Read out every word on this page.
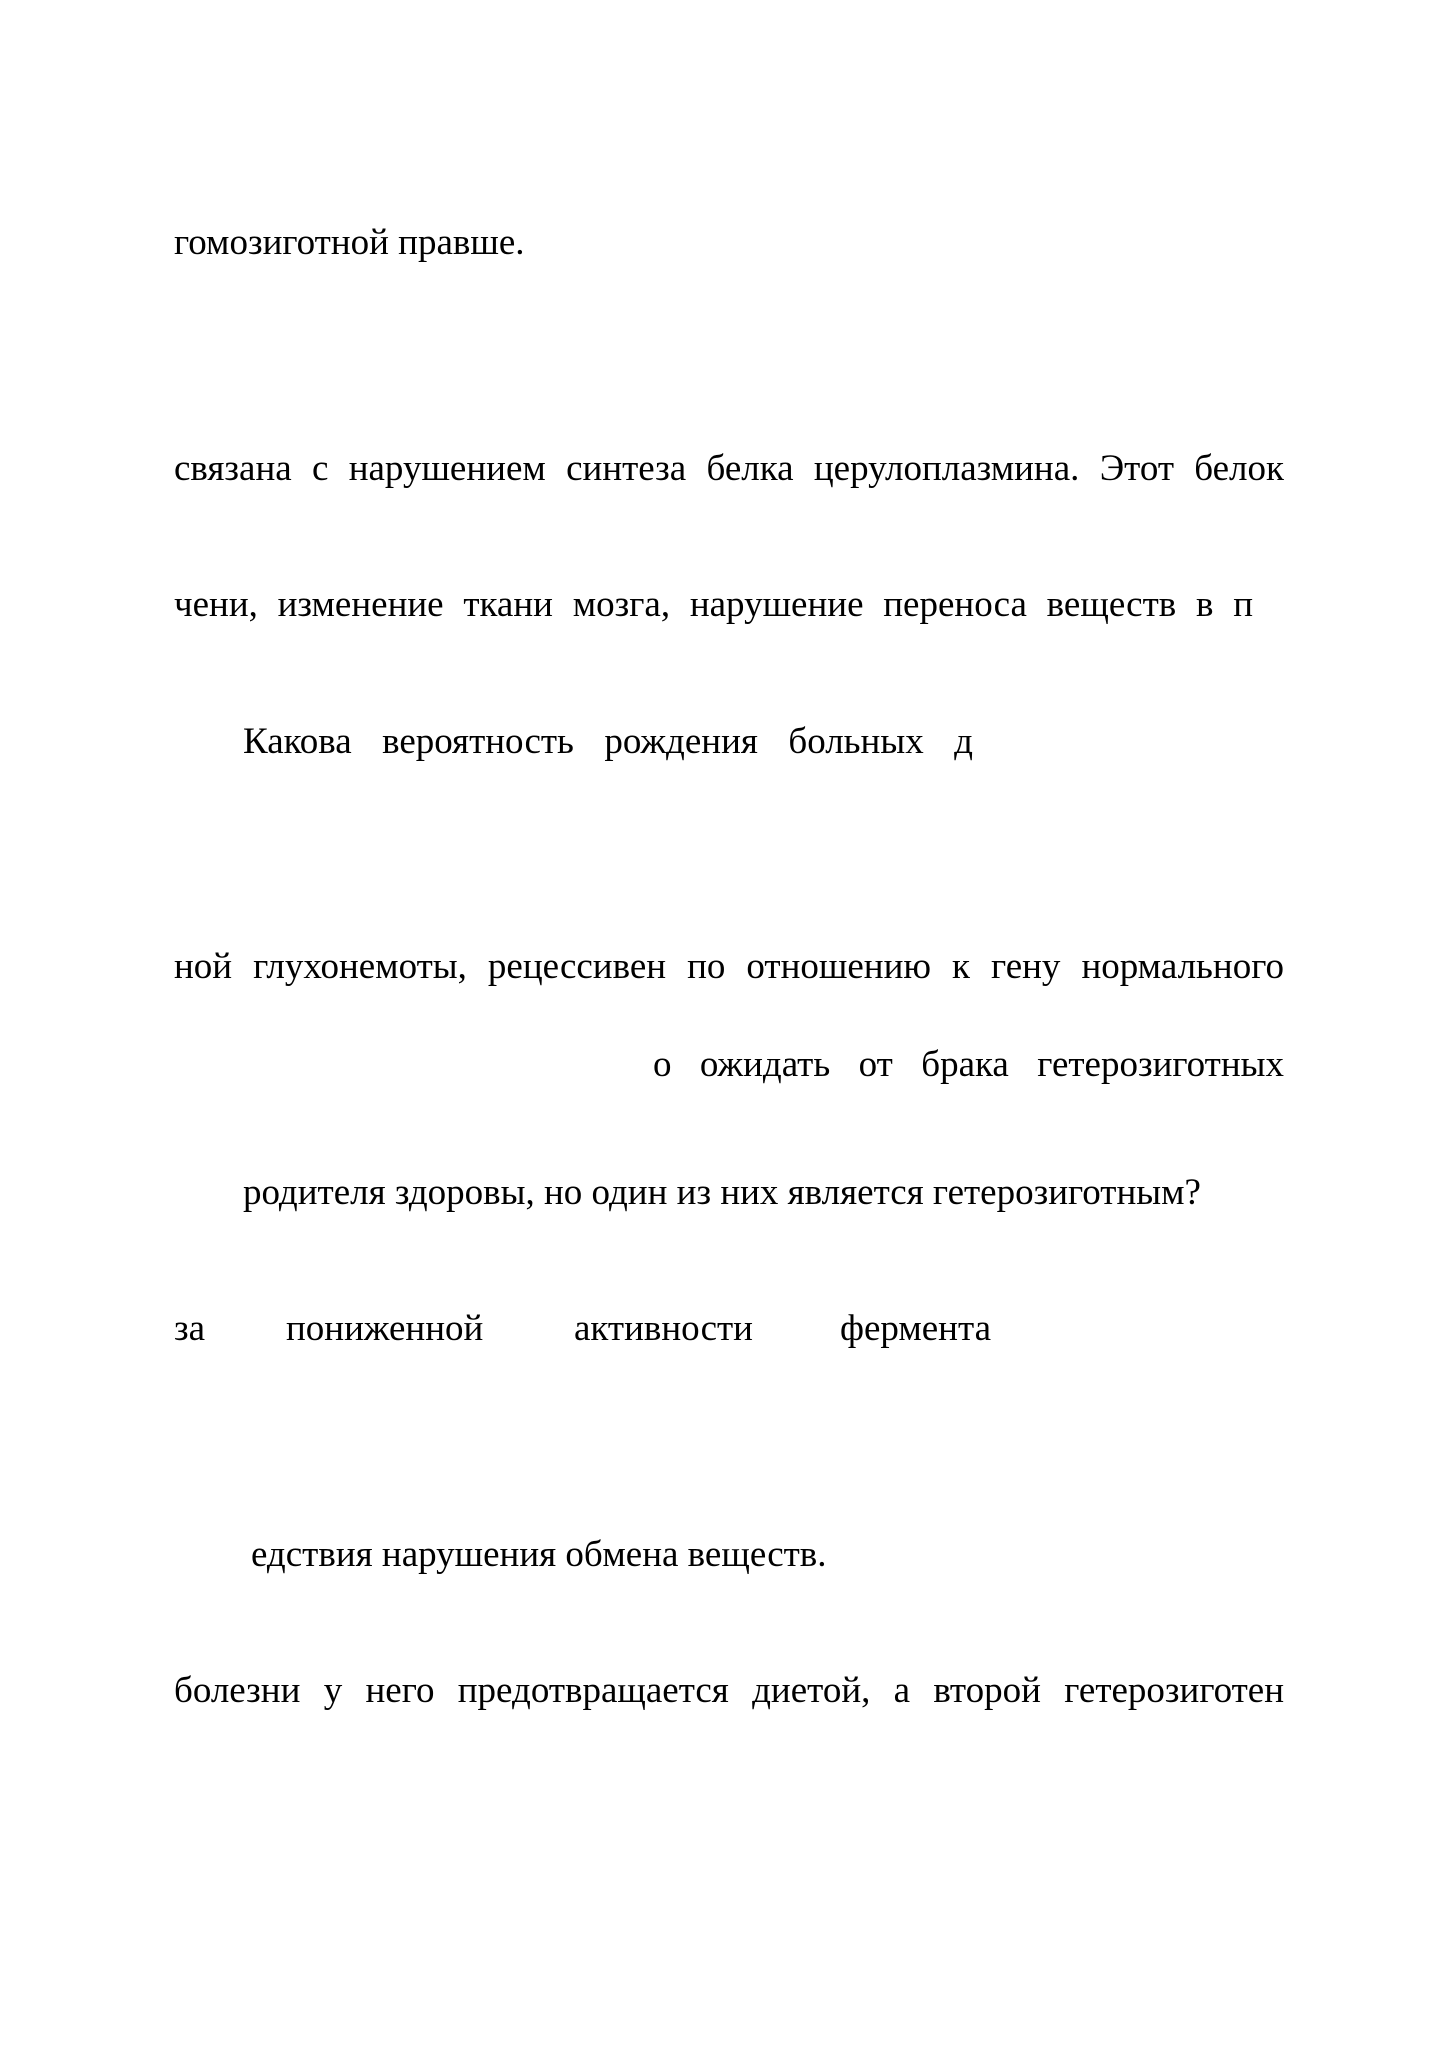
гомозиготной правше.

связана с нарушением синтеза белка церулоплазмина. Этот белок

чени, изменение ткани мозга, нарушение переноса веществ в п

Какова вероятность рождения больных д

ной глухонемоты, рецессивен по отношению к гену нормального

о ожидать от брака гетерозиготных

родителя здоровы, но один из них является гетерозиготным?

за	пониженной	активности	фермента

едствия нарушения обмена веществ.

болезни у него предотвращается диетой, а второй гетерозиготен
